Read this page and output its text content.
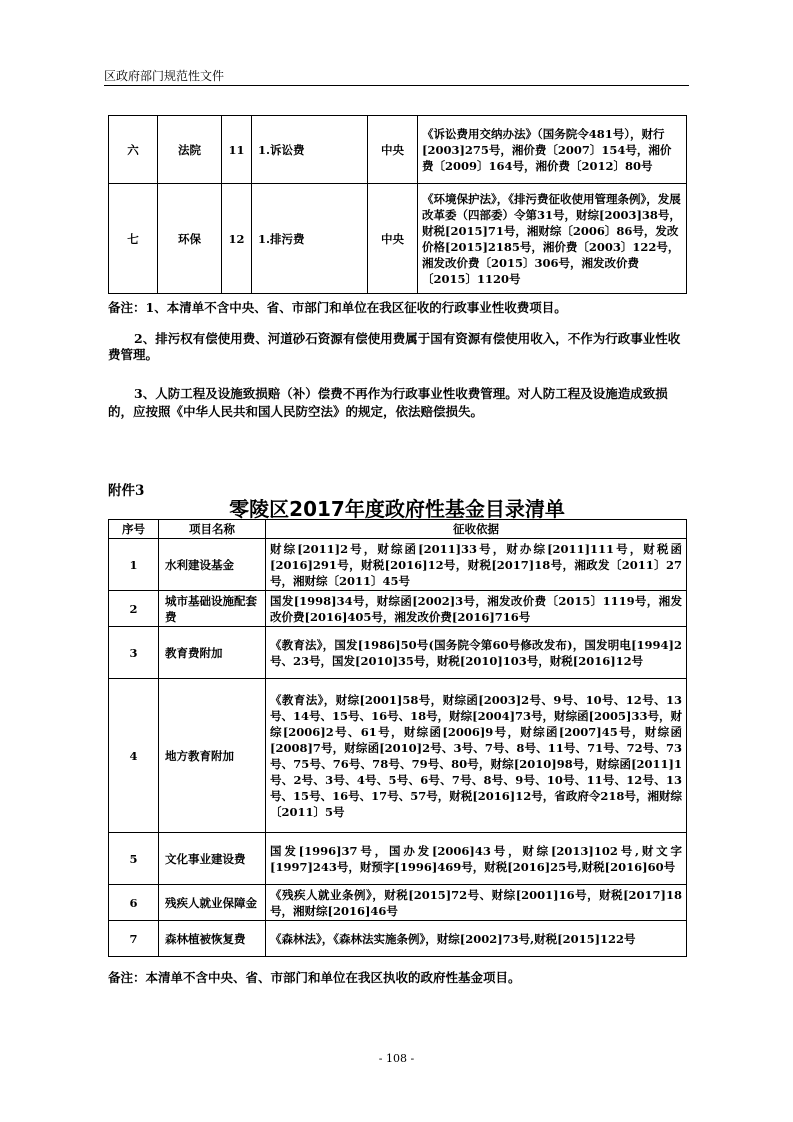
区政府部门规范性文件
六	法院	11	1.诉讼费	中央	《诉讼费用交纳办法》（国务院令481号），财行[2003]275号，湘价费〔2007〕154号，湘价费〔2009〕164号，湘价费〔2012〕80号
七	环保	12	1.排污费	中央	《环境保护法》，《排污费征收使用管理条例》，发展改革委（四部委）令第31号，财综[2003]38号，财税[2015]71号，湘财综〔2006〕86号，发改价格[2015]2185号，湘价费〔2003〕122号，湘发改价费〔2015〕306号，湘发改价费〔2015〕1120号
备注：1、本清单不含中央、省、市部门和单位在我区征收的行政事业性收费项目。
2、排污权有偿使用费、河道砂石资源有偿使用费属于国有资源有偿使用收入，不作为行政事业性收费管理。
3、人防工程及设施致损赔（补）偿费不再作为行政事业性收费管理。对人防工程及设施造成致损的，应按照《中华人民共和国人民防空法》的规定，依法赔偿损失。
附件3
零陵区2017年度政府性基金目录清单
序号	项目名称	征收依据
1	水利建设基金	财综[2011]2号，财综函[2011]33号，财办综[2011]111号，财税函[2016]291号，财税[2016]12号，财税[2017]18号，湘政发〔2011〕27号，湘财综〔2011〕45号
2	城市基础设施配套费	国发[1998]34号，财综函[2002]3号，湘发改价费〔2015〕1119号，湘发改价费[2016]405号，湘发改价费[2016]716号
3	教育费附加	《教育法》，国发[1986]50号(国务院令第60号修改发布)，国发明电[1994]2号、23号，国发[2010]35号，财税[2010]103号，财税[2016]12号
4	地方教育附加	《教育法》，财综[2001]58号，财综函[2003]2号、9号、10号、12号、13号、14号、15号、16号、18号，财综[2004]73号，财综函[2005]33号，财综[2006]2号、61号，财综函[2006]9号，财综函[2007]45号，财综函[2008]7号，财综函[2010]2号、3号、7号、8号、11号、71号、72号、73号、75号、76号、78号、79号、80号，财综[2010]98号，财综函[2011]1号、2号、3号、4号、5号、6号、7号、8号、9号、10号、11号、12号、13号、15号、16号、17号、57号，财税[2016]12号，省政府令218号，湘财综〔2011〕5号
5	文化事业建设费	国发[1996]37号，国办发[2006]43号，财综[2013]102号,财文字[1997]243号，财预字[1996]469号，财税[2016]25号,财税[2016]60号
6	残疾人就业保障金	《残疾人就业条例》，财税[2015]72号、财综[2001]16号，财税[2017]18号，湘财综[2016]46号
7	森林植被恢复费	《森林法》，《森林法实施条例》，财综[2002]73号,财税[2015]122号
备注：本清单不含中央、省、市部门和单位在我区执收的政府性基金项目。
- 108 -
